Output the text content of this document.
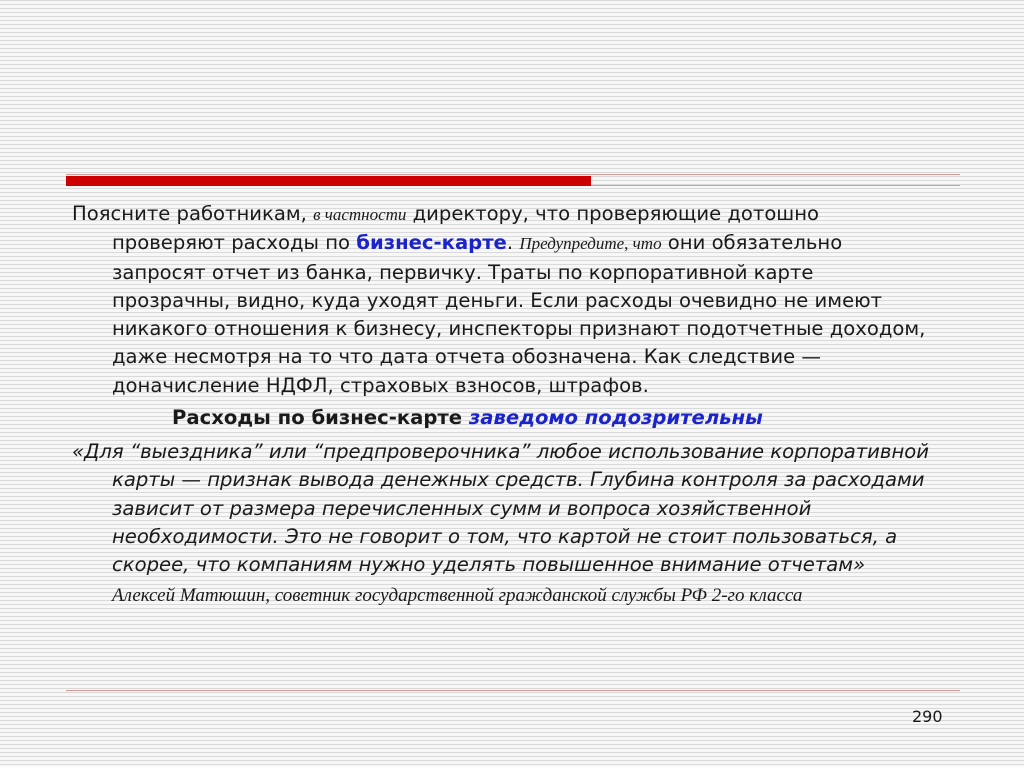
Поясните работникам, в частности директору, что проверяющие дотошно проверяют расходы по бизнес-карте. Предупредите, что они обязательно запросят отчет из банка, первичку. Траты по корпоративной карте прозрачны, видно, куда уходят деньги. Если расходы очевидно не имеют никакого отношения к бизнесу, инспекторы признают подотчетные доходом, даже несмотря на то что дата отчета обозначена. Как следствие — доначисление НДФЛ, страховых взносов, штрафов.

Расходы по бизнес-карте заведомо подозрительны

«Для “выездника” или “предпроверочника” любое использование корпоративной карты — признак вывода денежных средств. Глубина контроля за расходами зависит от размера перечисленных сумм и вопроса хозяйственной необходимости. Это не говорит о том, что картой не стоит пользоваться, а скорее, что компаниям нужно уделять повышенное внимание отчетам» Алексей Матюшин, советник государственной гражданской службы РФ 2-го класса

290
